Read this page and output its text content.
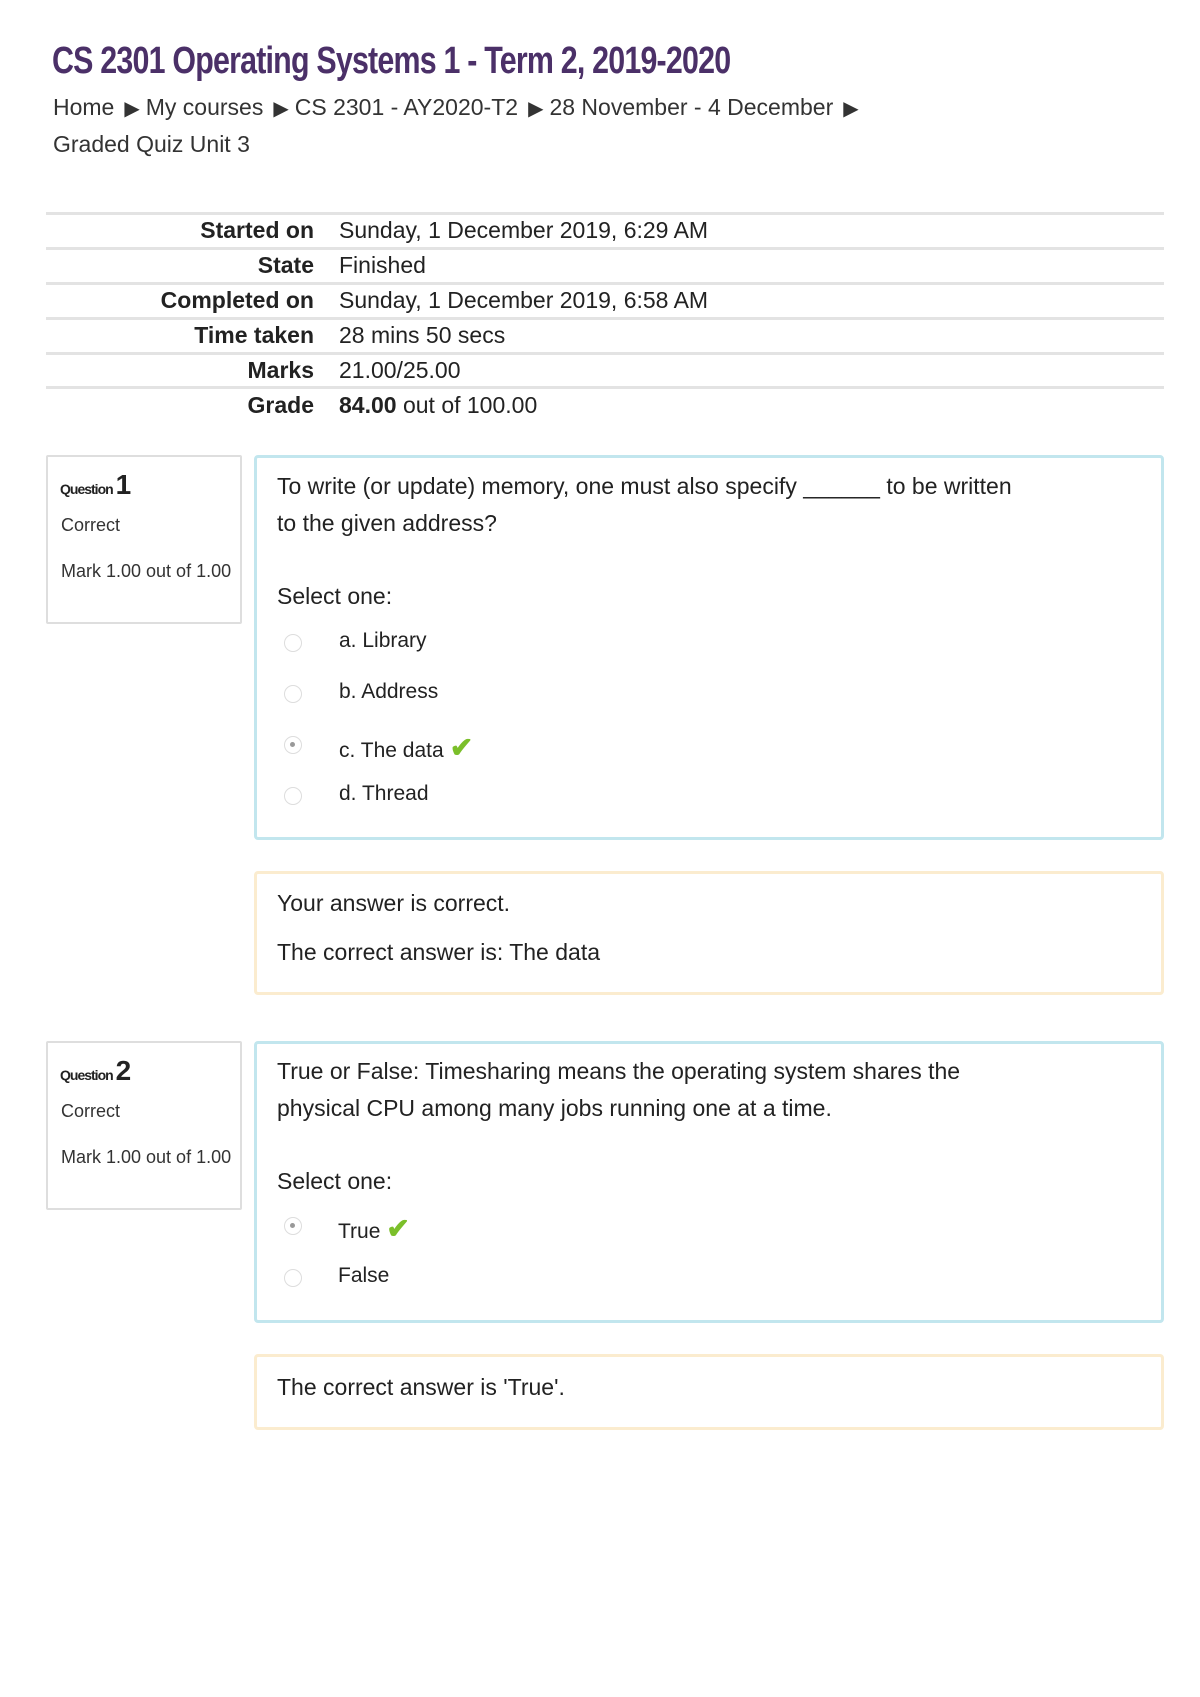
CS 2301 Operating Systems 1 - Term 2, 2019-2020
Home ▶ My courses ▶ CS 2301 - AY2020-T2 ▶ 28 November - 4 December ▶
Graded Quiz Unit 3
Started on Sunday, 1 December 2019, 6:29 AM
State Finished
Completed on Sunday, 1 December 2019, 6:58 AM
Time taken 28 mins 50 secs
Marks 21.00/25.00
Grade 84.00 out of 100.00
Question 1
Correct
Mark 1.00 out of 1.00
To write (or update) memory, one must also specify ______ to be written
to the given address?
Select one:
a. Library
b. Address
c. The data ✔
d. Thread
Your answer is correct.
The correct answer is: The data
Question 2
Correct
Mark 1.00 out of 1.00
True or False: Timesharing means the operating system shares the
physical CPU among many jobs running one at a time.
Select one:
True ✔
False
The correct answer is 'True'.
